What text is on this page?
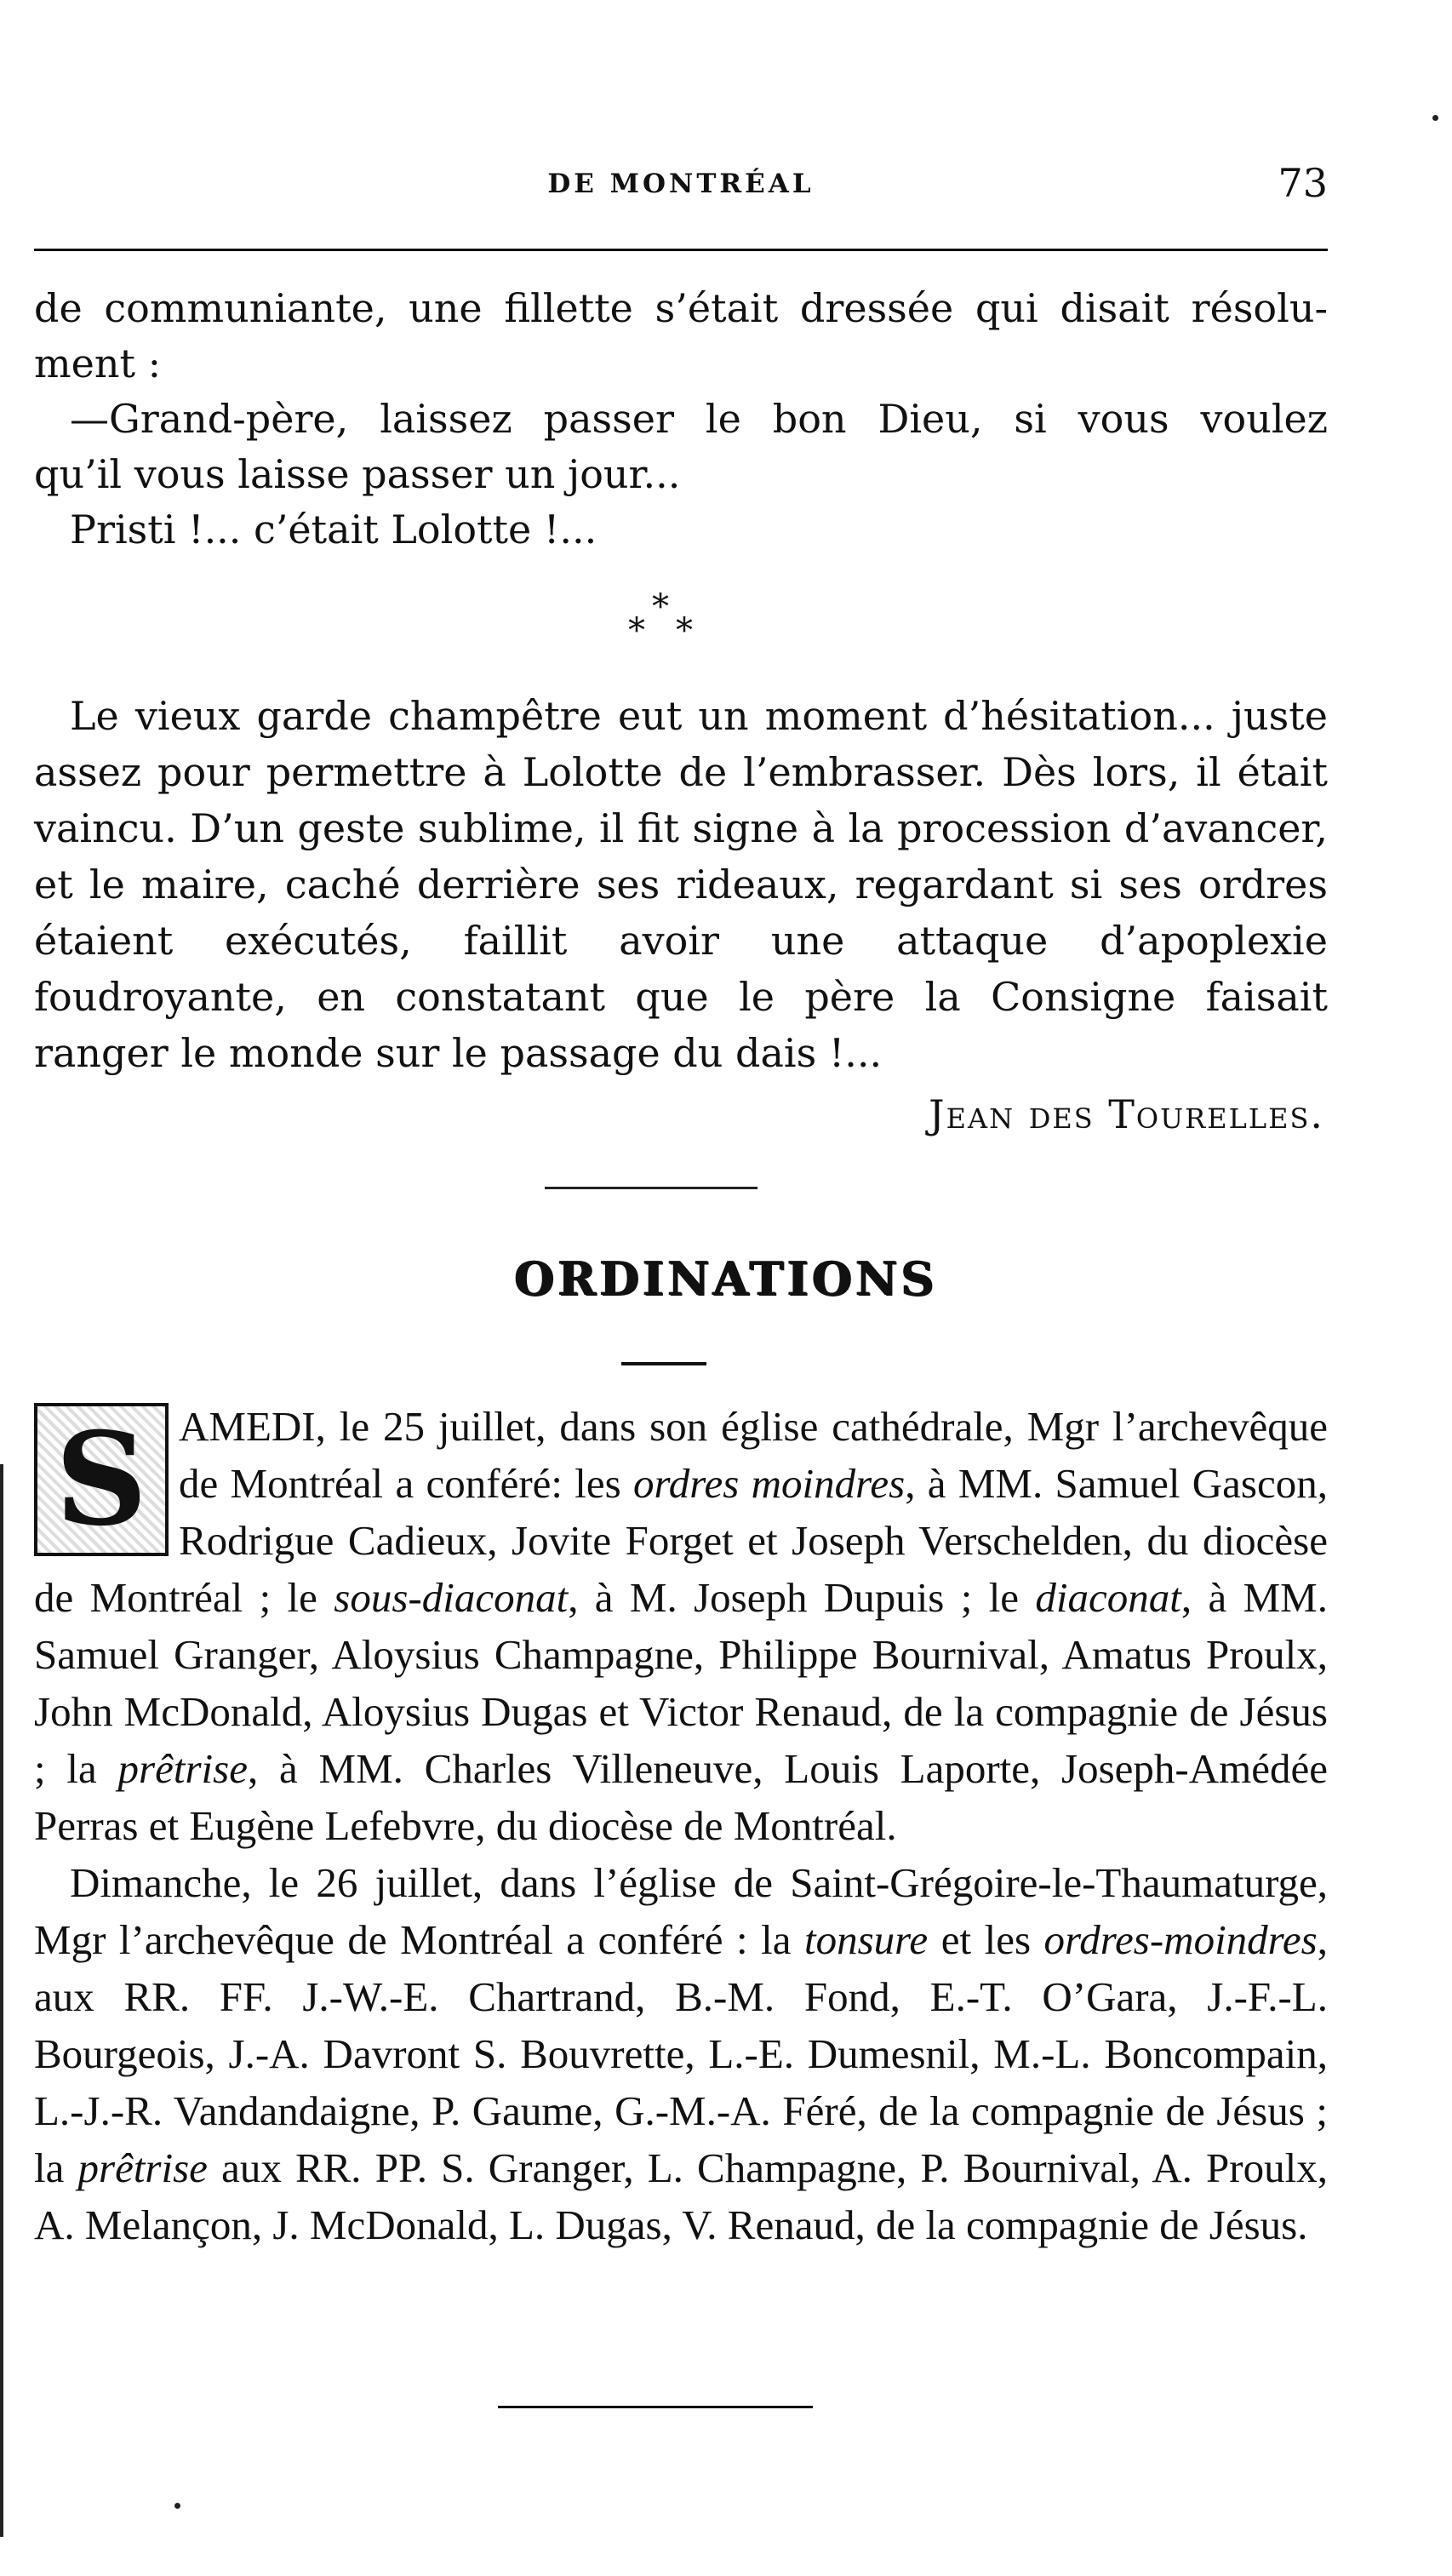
DE MONTRÉAL	73

de communiante, une fillette s’était dressée qui disait résolu-

ment :

—Grand-père, laissez passer le bon Dieu, si vous voulez

qu’il vous laisse passer un jour...

Pristi !... c’était Lolotte !...

*
* *

Le vieux garde champêtre eut un moment d’hésitation... juste assez pour permettre à Lolotte de l’embrasser. Dès lors, il était vaincu. D’un geste sublime, il fit signe à la procession d’avancer, et le maire, caché derrière ses rideaux, regardant si ses ordres étaient exécutés, faillit avoir une attaque d’apoplexie foudroyante, en constatant que le père la Consigne faisait ranger le monde sur le passage du dais !...

Jean des Tourelles.
ORDINATIONS
S AMEDI, le 25 juillet, dans son église cathédrale, Mgr l’archevêque de Montréal a conféré: les ordres moindres, à MM. Samuel Gascon, Rodrigue Cadieux, Jovite Forget et Joseph Verschelden, du diocèse de Montréal ; le sous-diaconat, à M. Joseph Dupuis ; le diaconat, à MM. Samuel Granger, Aloysius Champagne, Philippe Bournival, Amatus Proulx, John McDonald, Aloysius Dugas et Victor Renaud, de la compagnie de Jésus ; la prêtrise, à MM. Charles Villeneuve, Louis Laporte, Joseph-Amédée Perras et Eugène Lefebvre, du diocèse de Montréal.

Dimanche, le 26 juillet, dans l’église de Saint-Grégoire-le-Thaumaturge, Mgr l’archevêque de Montréal a conféré : la tonsure et les ordres-moindres, aux RR. FF. J.-W.-E. Chartrand, B.-M. Fond, E.-T. O’Gara, J.-F.-L. Bourgeois, J.-A. Davront S. Bouvrette, L.-E. Dumesnil, M.-L. Boncompain, L.-J.-R. Vandandaigne, P. Gaume, G.-M.-A. Féré, de la compagnie de Jésus ; la prêtrise aux RR. PP. S. Granger, L. Champagne, P. Bournival, A. Proulx, A. Melançon, J. McDonald, L. Dugas, V. Renaud, de la compagnie de Jésus.
